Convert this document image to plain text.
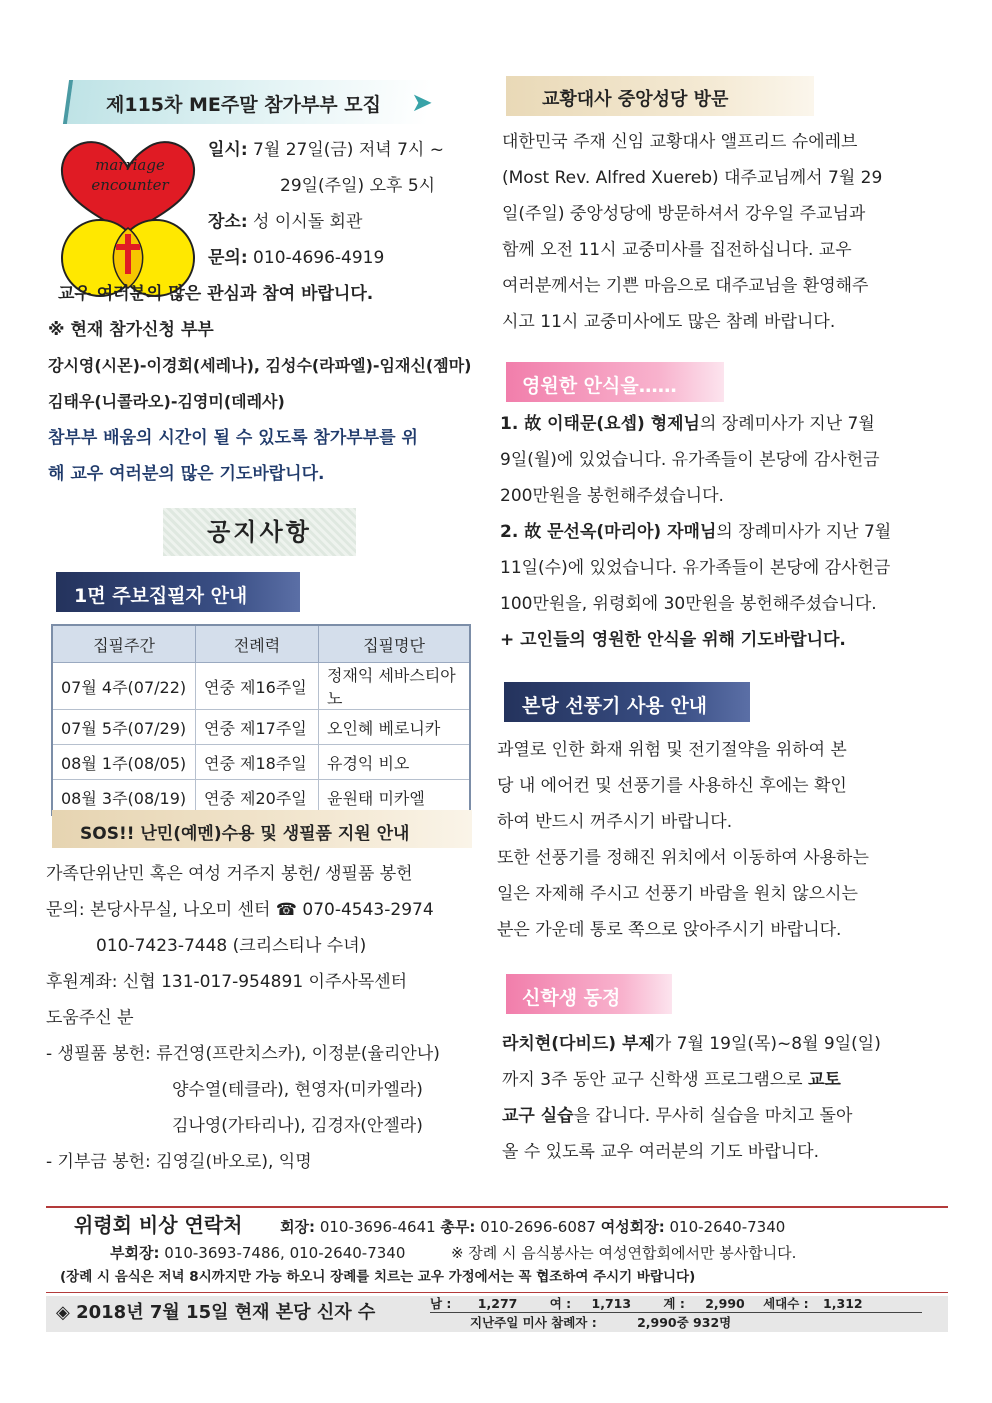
제115차 ME주말 참가부부 모집 ➤
marriage
encounter

일시: 7월 27일(금) 저녁 7시 ~

29일(주일) 오후 5시

장소: 성 이시돌 회관

문의: 010-4696-4919

교우 여러분의 많은 관심과 참여 바랍니다.

※ 현재 참가신청 부부

강시영(시몬)-이경회(세레나), 김성수(라파엘)-임재신(젬마)

김태우(니콜라오)-김영미(데레사)

참부부 배움의 시간이 될 수 있도록 참가부부를 위

해 교우 여러분의 많은 기도바랍니다.

공지사항
1면 주보집필자 안내
집필주간	전례력	집필명단
07월 4주(07/22)	연중 제16주일	정재익 세바스티아노
07월 5주(07/29)	연중 제17주일	오인혜 베로니카
08월 1주(08/05)	연중 제18주일	유경익 비오
08월 3주(08/19)	연중 제20주일	윤원태 미카엘
SOS!! 난민(예멘)수용 및 생필품 지원 안내

가족단위난민 혹은 여성 거주지 봉헌/ 생필품 봉헌

문의: 본당사무실, 나오미 센터 ☎ 070-4543-2974

010-7423-7448 (크리스티나 수녀)

후원계좌: 신협 131-017-954891 이주사목센터

도움주신 분

- 생필품 봉헌: 류건영(프란치스카), 이정분(율리안나)

양수열(테클라), 현영자(미카엘라)

김나영(가타리나), 김경자(안젤라)

- 기부금 봉헌: 김영길(바오로), 익명

교황대사 중앙성당 방문

대한민국 주재 신임 교황대사 앨프리드 슈에레브

(Most Rev. Alfred Xuereb) 대주교님께서 7월 29

일(주일) 중앙성당에 방문하셔서 강우일 주교님과

함께 오전 11시 교중미사를 집전하십니다. 교우

여러분께서는 기쁜 마음으로 대주교님을 환영해주

시고 11시 교중미사에도 많은 참례 바랍니다.

영원한 안식을……

1. 故 이태문(요셉) 형제님의 장례미사가 지난 7월

9일(월)에 있었습니다. 유가족들이 본당에 감사헌금

200만원을 봉헌해주셨습니다.

2. 故 문선옥(마리아) 자매님의 장례미사가 지난 7월

11일(수)에 있었습니다. 유가족들이 본당에 감사헌금

100만원을, 위령회에 30만원을 봉헌해주셨습니다.

+ 고인들의 영원한 안식을 위해 기도바랍니다.

본당 선풍기 사용 안내

과열로 인한 화재 위험 및 전기절약을 위하여 본

당 내 에어컨 및 선풍기를 사용하신 후에는 확인

하여 반드시 꺼주시기 바랍니다.

또한 선풍기를 정해진 위치에서 이동하여 사용하는

일은 자제해 주시고 선풍기 바람을 원치 않으시는

분은 가운데 통로 쪽으로 앉아주시기 바랍니다.

신학생 동정

라치현(다비드) 부제가 7월 19일(목)~8월 9일(일)

까지 3주 동안 교구 신학생 프로그램으로 교토

교구 실습을 갑니다. 무사히 실습을 마치고 돌아

올 수 있도록 교우 여러분의 기도 바랍니다.

위령회 비상 연락처	회장: 010-3696-4641 총무: 010-2696-6087 여성회장: 010-2640-7340
부회장: 010-3693-7486, 010-2640-7340	※ 장례 시 음식봉사는 여성연합회에서만 봉사합니다.
(장례 시 음식은 저녁 8시까지만 가능 하오니 장례를 치르는 교우 가정에서는 꼭 협조하여 주시기 바랍니다)
◈ 2018년 7월 15일 현재 본당 신자 수	남 : 1,277	여 : 1,713	계 : 2,990 세대수 : 1,312
지난주일 미사 참례자 :	2,990중 932명
